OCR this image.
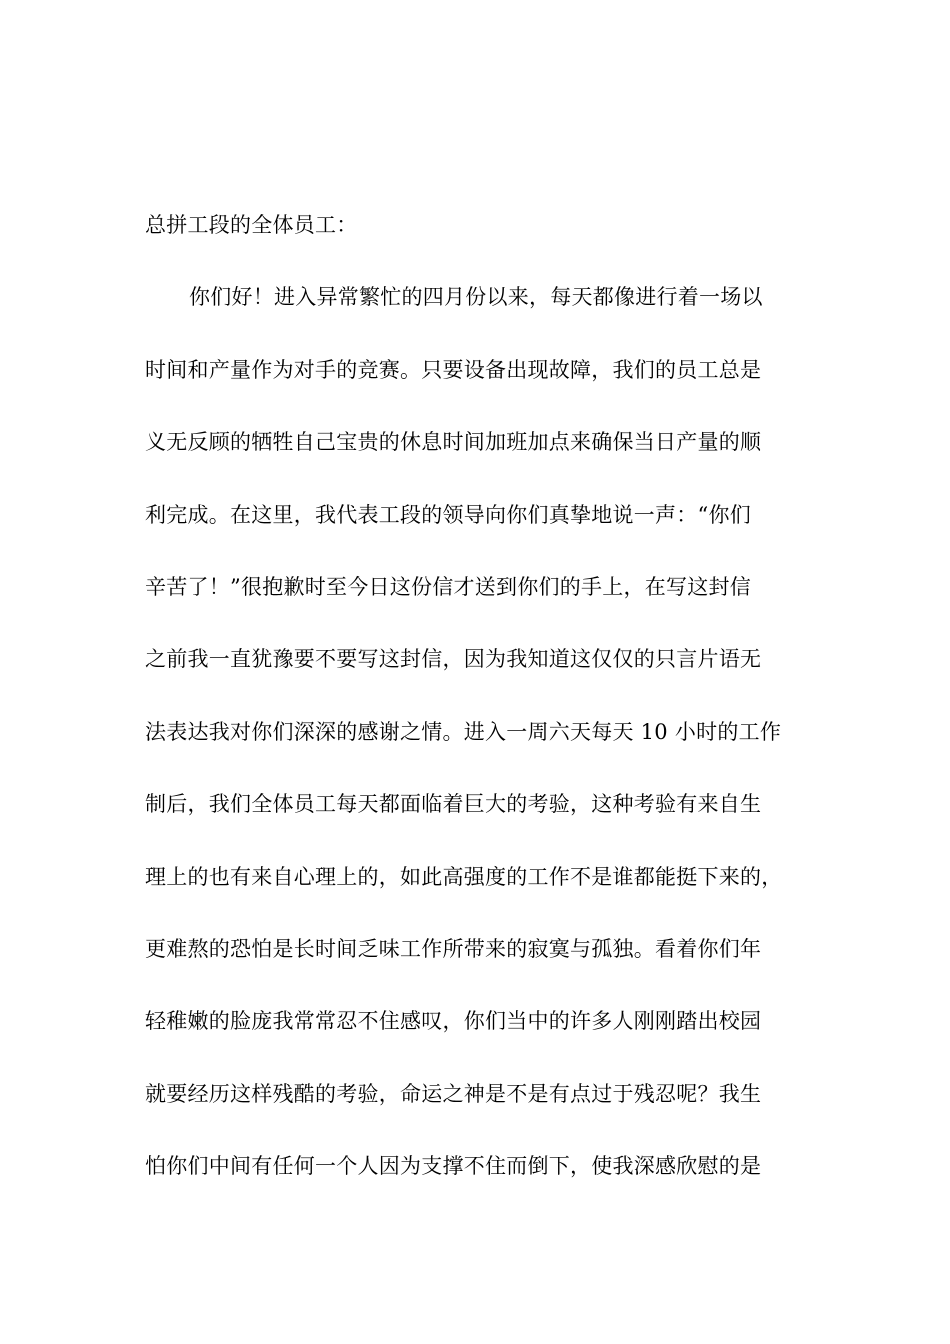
总拼工段的全体员工：
你们好！进入异常繁忙的四月份以来，每天都像进行着一场以
时间和产量作为对手的竞赛。只要设备出现故障，我们的员工总是
义无反顾的牺牲自己宝贵的休息时间加班加点来确保当日产量的顺
利完成。在这里，我代表工段的领导向你们真挚地说一声：“你们
辛苦了！”很抱歉时至今日这份信才送到你们的手上，在写这封信
之前我一直犹豫要不要写这封信，因为我知道这仅仅的只言片语无
法表达我对你们深深的感谢之情。进入一周六天每天 10 小时的工作
制后，我们全体员工每天都面临着巨大的考验，这种考验有来自生
理上的也有来自心理上的，如此高强度的工作不是谁都能挺下来的，
更难熬的恐怕是长时间乏味工作所带来的寂寞与孤独。看着你们年
轻稚嫩的脸庞我常常忍不住感叹，你们当中的许多人刚刚踏出校园
就要经历这样残酷的考验，命运之神是不是有点过于残忍呢？我生
怕你们中间有任何一个人因为支撑不住而倒下，使我深感欣慰的是
